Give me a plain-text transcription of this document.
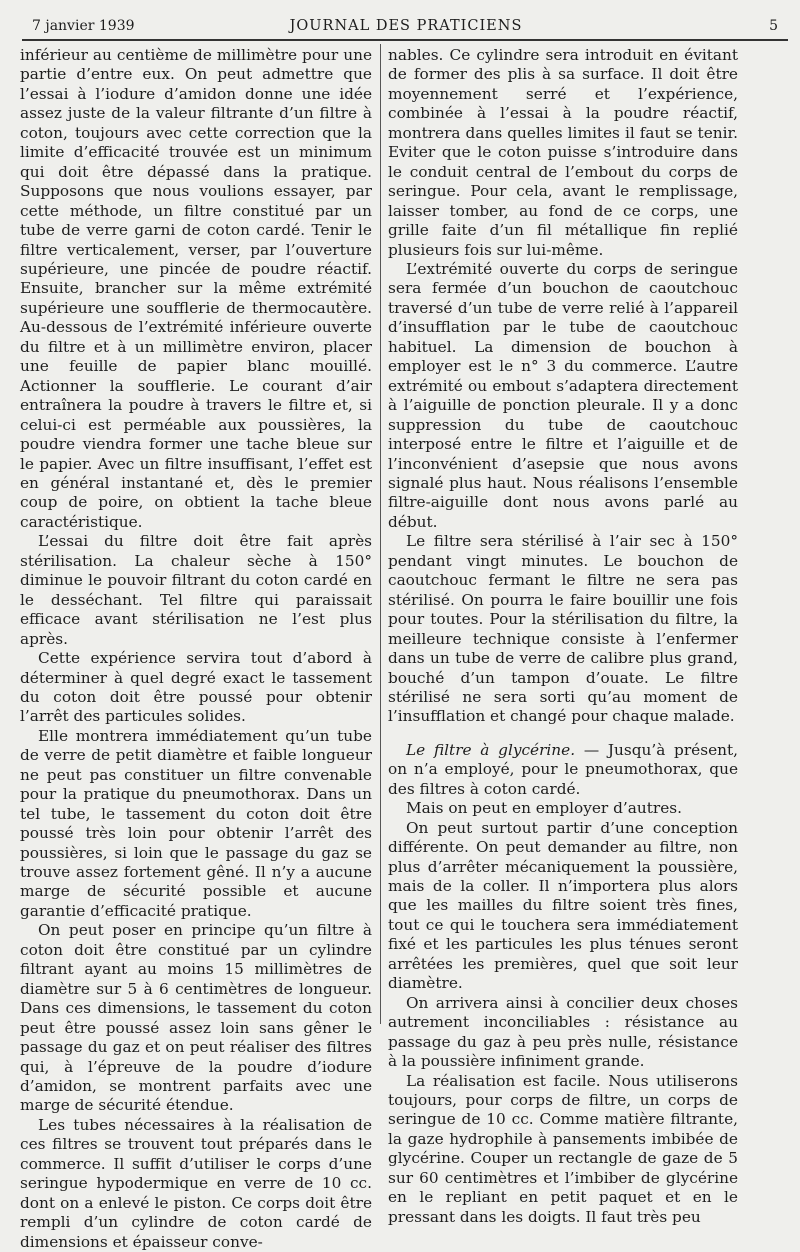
7 janvier 1939	JOURNAL DES PRATICIENS	5

inférieur au centième de millimètre pour une partie d’entre eux. On peut admettre que l’essai à l’iodure d’amidon donne une idée assez juste de la valeur filtrante d’un filtre à coton, toujours avec cette correction que la limite d’efficacité trouvée est un minimum qui doit être dépassé dans la pratique. Supposons que nous voulions essayer, par cette méthode, un filtre constitué par un tube de verre garni de coton cardé. Tenir le filtre verticalement, verser, par l’ouverture supérieure, une pincée de poudre réactif. Ensuite, brancher sur la même extrémité supérieure une soufflerie de thermocautère. Au-dessous de l’extrémité inférieure ouverte du filtre et à un millimètre environ, placer une feuille de papier blanc mouillé. Actionner la soufflerie. Le courant d’air entraînera la poudre à travers le filtre et, si celui-ci est perméable aux poussières, la poudre viendra former une tache bleue sur le papier. Avec un filtre insuffisant, l’effet est en général instantané et, dès le premier coup de poire, on obtient la tache bleue caractéristique.

L’essai du filtre doit être fait après stérilisation. La chaleur sèche à 150° diminue le pouvoir filtrant du coton cardé en le desséchant. Tel filtre qui paraissait efficace avant stérilisation ne l’est plus après.

Cette expérience servira tout d’abord à déterminer à quel degré exact le tassement du coton doit être poussé pour obtenir l’arrêt des particules solides.

Elle montrera immédiatement qu’un tube de verre de petit diamètre et faible longueur ne peut pas constituer un filtre convenable pour la pratique du pneumothorax. Dans un tel tube, le tassement du coton doit être poussé très loin pour obtenir l’arrêt des poussières, si loin que le passage du gaz se trouve assez fortement gêné. Il n’y a aucune marge de sécurité possible et aucune garantie d’efficacité pratique.

On peut poser en principe qu’un filtre à coton doit être constitué par un cylindre filtrant ayant au moins 15 millimètres de diamètre sur 5 à 6 centimètres de longueur. Dans ces dimensions, le tassement du coton peut être poussé assez loin sans gêner le passage du gaz et on peut réaliser des filtres qui, à l’épreuve de la poudre d’iodure d’amidon, se montrent parfaits avec une marge de sécurité étendue.

Les tubes nécessaires à la réalisation de ces filtres se trouvent tout préparés dans le commerce. Il suffit d’utiliser le corps d’une seringue hypodermique en verre de 10 cc. dont on a enlevé le piston. Ce corps doit être rempli d’un cylindre de coton cardé de dimensions et épaisseur conve-

nables. Ce cylindre sera introduit en évitant de former des plis à sa surface. Il doit être moyennement serré et l’expérience, combinée à l’essai à la poudre réactif, montrera dans quelles limites il faut se tenir. Eviter que le coton puisse s’introduire dans le conduit central de l’embout du corps de seringue. Pour cela, avant le remplissage, laisser tomber, au fond de ce corps, une grille faite d’un fil métallique fin replié plusieurs fois sur lui-même.

L’extrémité ouverte du corps de seringue sera fermée d’un bouchon de caoutchouc traversé d’un tube de verre relié à l’appareil d’insufflation par le tube de caoutchouc habituel. La dimension de bouchon à employer est le n° 3 du commerce. L’autre extrémité ou embout s’adaptera directement à l’aiguille de ponction pleurale. Il y a donc suppression du tube de caoutchouc interposé entre le filtre et l’aiguille et de l’inconvénient d’asepsie que nous avons signalé plus haut. Nous réalisons l’ensemble filtre-aiguille dont nous avons parlé au début.

Le filtre sera stérilisé à l’air sec à 150° pendant vingt minutes. Le bouchon de caoutchouc fermant le filtre ne sera pas stérilisé. On pourra le faire bouillir une fois pour toutes. Pour la stérilisation du filtre, la meilleure technique consiste à l’enfermer dans un tube de verre de calibre plus grand, bouché d’un tampon d’ouate. Le filtre stérilisé ne sera sorti qu’au moment de l’insufflation et changé pour chaque malade.

Le filtre à glycérine. — Jusqu’à présent, on n’a employé, pour le pneumothorax, que des filtres à coton cardé.

Mais on peut en employer d’autres.

On peut surtout partir d’une conception différente. On peut demander au filtre, non plus d’arrêter mécaniquement la poussière, mais de la coller. Il n’importera plus alors que les mailles du filtre soient très fines, tout ce qui le touchera sera immédiatement fixé et les particules les plus ténues seront arrêtées les premières, quel que soit leur diamètre.

On arrivera ainsi à concilier deux choses autrement inconciliables : résistance au passage du gaz à peu près nulle, résistance à la poussière infiniment grande.

La réalisation est facile. Nous utiliserons toujours, pour corps de filtre, un corps de seringue de 10 cc. Comme matière filtrante, la gaze hydrophile à pansements imbibée de glycérine. Couper un rectangle de gaze de 5 sur 60 centimètres et l’imbiber de glycérine en le repliant en petit paquet et en le pressant dans les doigts. Il faut très peu
